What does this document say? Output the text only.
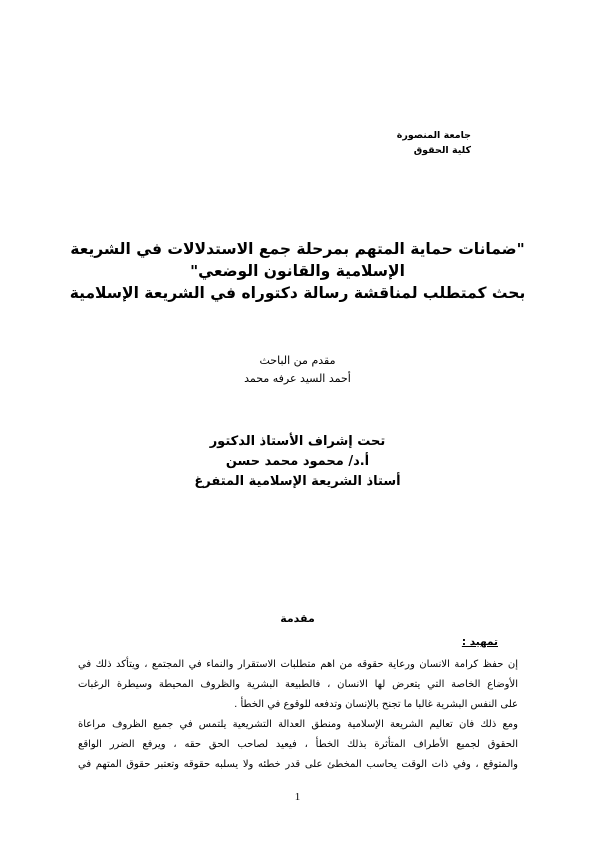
جامعة المنصورة
كلية الحقوق
"ضمانات حماية المتهم بمرحلة جمع الاستدلالات في الشريعة
الإسلامية والقانون الوضعي"
بحث كمتطلب لمناقشة رسالة دكتوراه في الشريعة الإسلامية
مقدم من الباحث
أحمد السيد عرفه محمد
تحت إشراف الأستاذ الدكتور
أ.د/ محمود محمد حسن
أستاذ الشريعة الإسلامية المتفرغ
مقدمة
تمهيد :
إن حفظ كرامة الانسان ورعاية حقوقه من اهم متطلبات الاستقرار والنماء في المجتمع ، ويتأكد ذلك في
الأوضاع الخاصة التي يتعرض لها الانسان ، فالطبيعة البشرية والظروف المحيطة وسيطرة الرغبات
على النفس البشرية غالبا ما تجنح بالإنسان وتدفعه للوقوع في الخطأ .
ومع ذلك فان تعاليم الشريعة الإسلامية ومنطق العدالة التشريعية يلتمس في جميع الظروف مراعاة
الحقوق لجميع الأطراف المتأثرة بذلك الخطأ ، فيعيد لصاحب الحق حقه ، ويرفع الضرر الواقع
والمتوقع ، وفي ذات الوقت يحاسب المخطئ على قدر خطئه ولا يسلبه حقوقه وتعتبر حقوق المتهم في
1
